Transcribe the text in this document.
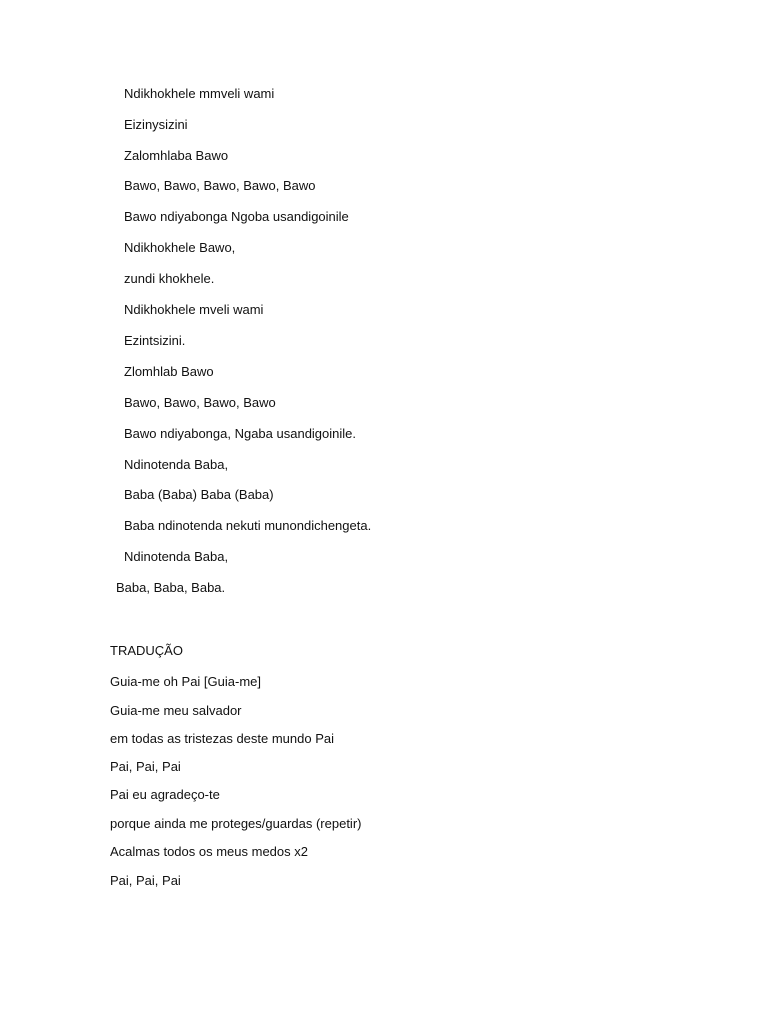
Ndikhokhele mmveli wami
Eizinysizini
Zalomhlaba Bawo
Bawo, Bawo, Bawo, Bawo, Bawo
Bawo ndiyabonga Ngoba usandigoinile
Ndikhokhele Bawo,
zundi khokhele.
Ndikhokhele mveli wami
Ezintsizini.
Zlomhlab Bawo
Bawo, Bawo, Bawo, Bawo
Bawo ndiyabonga, Ngaba usandigoinile.
Ndinotenda Baba,
Baba (Baba) Baba (Baba)
Baba ndinotenda nekuti munondichengeta.
Ndinotenda Baba,
Baba, Baba, Baba.
TRADUÇÃO
Guia-me oh Pai [Guia-me]
Guia-me meu salvador
em todas as tristezas deste mundo Pai
Pai, Pai, Pai
Pai eu agradeço-te
porque ainda me proteges/guardas (repetir)
Acalmas todos os meus medos x2
Pai, Pai, Pai
